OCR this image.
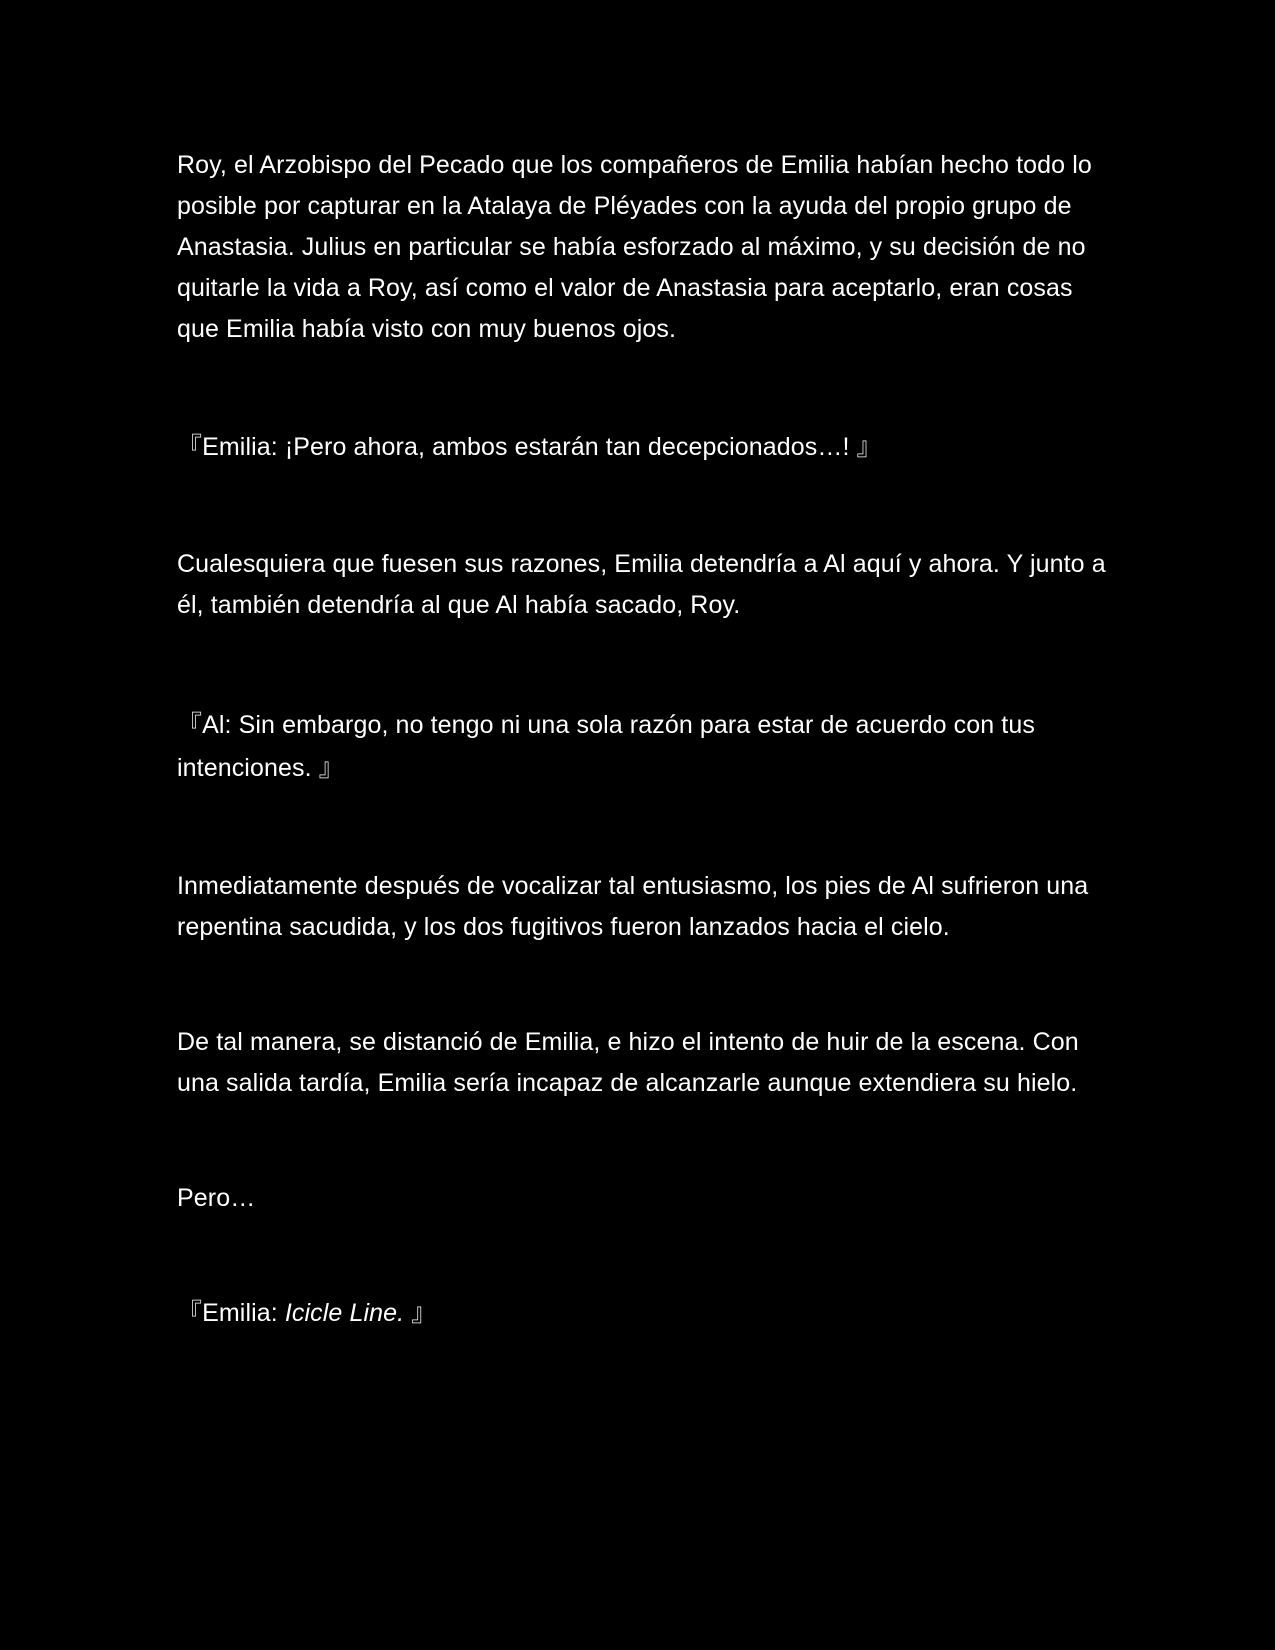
Roy, el Arzobispo del Pecado que los compañeros de Emilia habían hecho todo lo posible por capturar en la Atalaya de Pléyades con la ayuda del propio grupo de Anastasia. Julius en particular se había esforzado al máximo, y su decisión de no quitarle la vida a Roy, así como el valor de Anastasia para aceptarlo, eran cosas que Emilia había visto con muy buenos ojos.

『Emilia: ¡Pero ahora, ambos estarán tan decepcionados…! 』

Cualesquiera que fuesen sus razones, Emilia detendría a Al aquí y ahora. Y junto a él, también detendría al que Al había sacado, Roy.

『Al: Sin embargo, no tengo ni una sola razón para estar de acuerdo con tus intenciones. 』

Inmediatamente después de vocalizar tal entusiasmo, los pies de Al sufrieron una repentina sacudida, y los dos fugitivos fueron lanzados hacia el cielo.

De tal manera, se distanció de Emilia, e hizo el intento de huir de la escena. Con una salida tardía, Emilia sería incapaz de alcanzarle aunque extendiera su hielo.

Pero…

『Emilia: Icicle Line. 』
